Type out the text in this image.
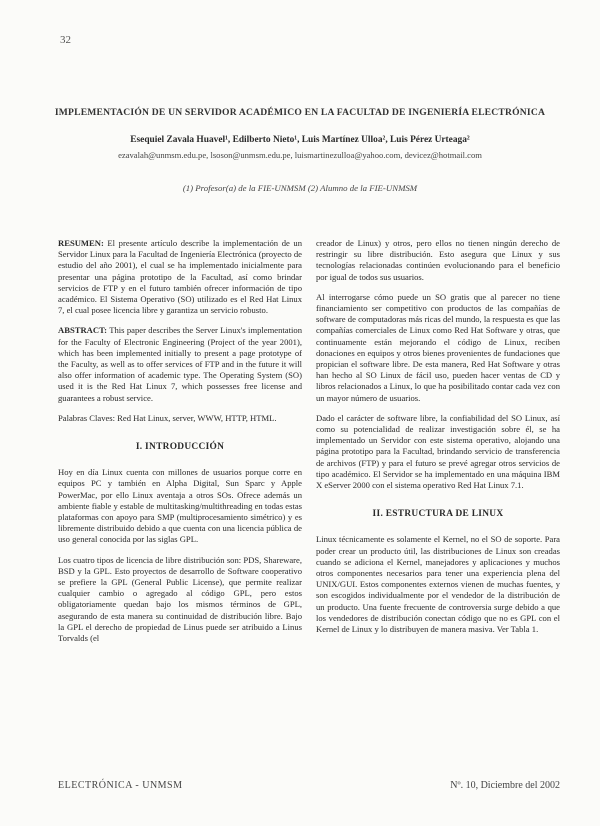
32
IMPLEMENTACIÓN DE UN SERVIDOR ACADÉMICO EN LA FACULTAD DE INGENIERÍA ELECTRÓNICA
Esequiel Zavala Huavel¹, Edilberto Nieto¹, Luis Martínez Ulloa², Luis Pérez Urteaga²
ezavalah@unmsm.edu.pe, lsoson@unmsm.edu.pe, luismartinezulloa@yahoo.com, devicez@hotmail.com
(1) Profesor(a) de la FIE-UNMSM (2) Alumno de la FIE-UNMSM

RESUMEN: El presente artículo describe la implementación de un Servidor Linux para la Facultad de Ingeniería Electrónica (proyecto de estudio del año 2001), el cual se ha implementado inicialmente para presentar una página prototipo de la Facultad, así como brindar servicios de FTP y en el futuro también ofrecer información de tipo académico. El Sistema Operativo (SO) utilizado es el Red Hat Linux 7, el cual posee licencia libre y garantiza un servicio robusto.

ABSTRACT: This paper describes the Server Linux's implementation for the Faculty of Electronic Engineering (Project of the year 2001), which has been implemented initially to present a page prototype of the Faculty, as well as to offer services of FTP and in the future it will also offer information of academic type. The Operating System (SO) used it is the Red Hat Linux 7, which possesses free license and guarantees a robust service.

Palabras Claves: Red Hat Linux, server, WWW, HTTP, HTML.

I. INTRODUCCIÓN

Hoy en día Linux cuenta con millones de usuarios porque corre en equipos PC y también en Alpha Digital, Sun Sparc y Apple PowerMac, por ello Linux aventaja a otros SOs. Ofrece además un ambiente fiable y estable de multitasking/multithreading en todas estas plataformas con apoyo para SMP (multiprocesamiento simétrico) y es libremente distribuido debido a que cuenta con una licencia pública de uso general conocida por las siglas GPL.

Los cuatro tipos de licencia de libre distribución son: PDS, Shareware, BSD y la GPL. Esto proyectos de desarrollo de Software cooperativo se prefiere la GPL (General Public License), que permite realizar cualquier cambio o agregado al código GPL, pero estos obligatoriamente quedan bajo los mismos términos de GPL, asegurando de esta manera su continuidad de distribución libre. Bajo la GPL el derecho de propiedad de Linus puede ser atribuido a Linus Torvalds (el

creador de Linux) y otros, pero ellos no tienen ningún derecho de restringir su libre distribución. Esto asegura que Linux y sus tecnologías relacionadas continúen evolucionando para el beneficio por igual de todos sus usuarios.

Al interrogarse cómo puede un SO gratis que al parecer no tiene financiamiento ser competitivo con productos de las compañías de software de computadoras más ricas del mundo, la respuesta es que las compañías comerciales de Linux como Red Hat Software y otras, que continuamente están mejorando el código de Linux, reciben donaciones en equipos y otros bienes provenientes de fundaciones que propician el software libre. De esta manera, Red Hat Software y otras han hecho al SO Linux de fácil uso, pueden hacer ventas de CD y libros relacionados a Linux, lo que ha posibilitado contar cada vez con un mayor número de usuarios.

Dado el carácter de software libre, la confiabilidad del SO Linux, así como su potencialidad de realizar investigación sobre él, se ha implementado un Servidor con este sistema operativo, alojando una página prototipo para la Facultad, brindando servicio de transferencia de archivos (FTP) y para el futuro se prevé agregar otros servicios de tipo académico. El Servidor se ha implementado en una máquina IBM X eServer 2000 con el sistema operativo Red Hat Linux 7.1.

II. ESTRUCTURA DE LINUX

Linux técnicamente es solamente el Kernel, no el SO de soporte. Para poder crear un producto útil, las distribuciones de Linux son creadas cuando se adiciona el Kernel, manejadores y aplicaciones y muchos otros componentes necesarios para tener una experiencia plena del UNIX/GUI. Estos componentes externos vienen de muchas fuentes, y son escogidos individualmente por el vendedor de la distribución de un producto. Una fuente frecuente de controversia surge debido a que los vendedores de distribución conectan código que no es GPL con el Kernel de Linux y lo distribuyen de manera masiva. Ver Tabla 1.

ELECTRÓNICA - UNMSM	Nº. 10, Diciembre del 2002
